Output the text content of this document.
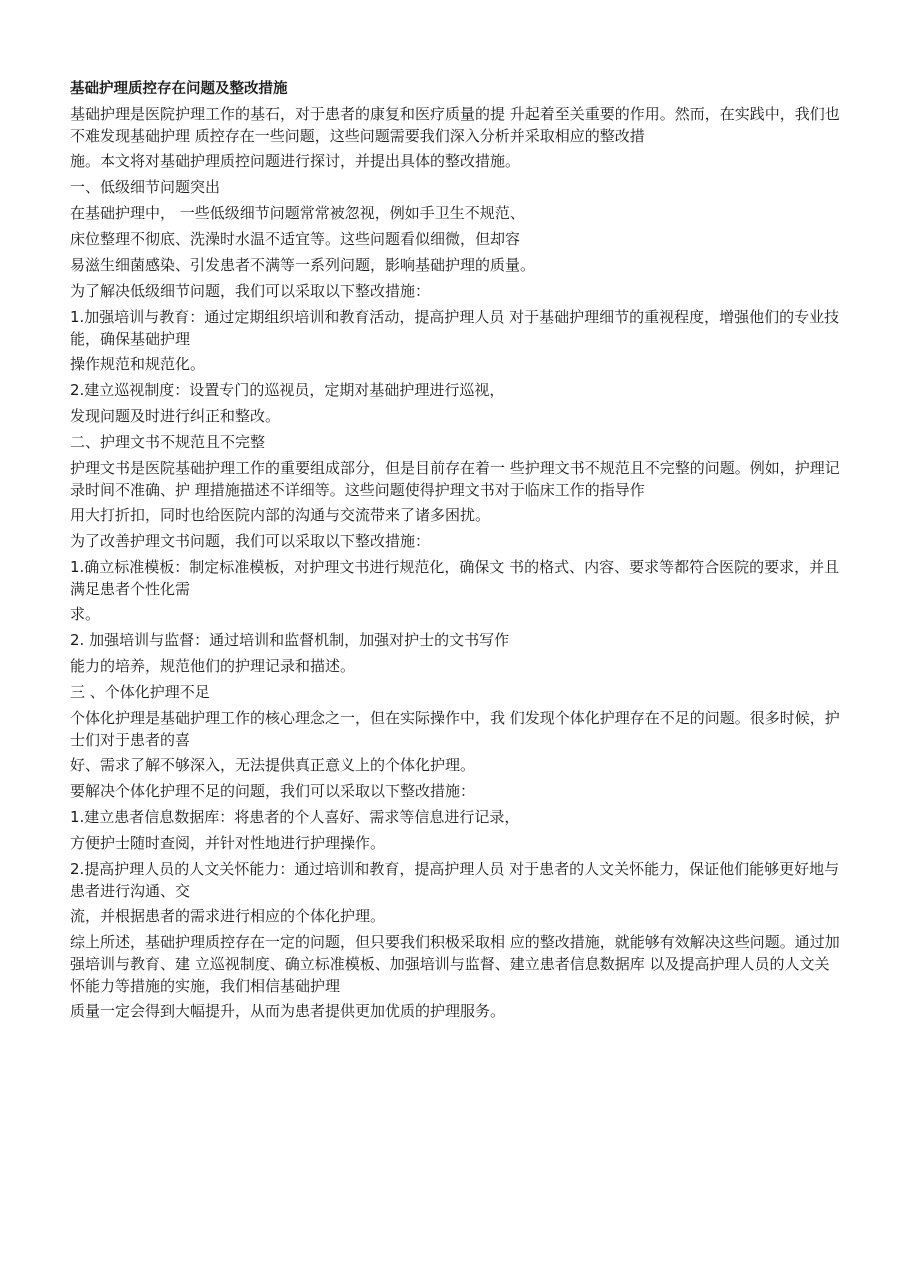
基础护理质控存在问题及整改措施
基础护理是医院护理工作的基石，对于患者的康复和医疗质量的提 升起着至关重要的作用。然而，在实践中，我们也不难发现基础护理 质控存在一些问题，这些问题需要我们深入分析并采取相应的整改措
施。本文将对基础护理质控问题进行探讨，并提出具体的整改措施。
一、低级细节问题突出
在基础护理中， 一些低级细节问题常常被忽视，例如手卫生不规范、
床位整理不彻底、洗澡时水温不适宜等。这些问题看似细微，但却容
易滋生细菌感染、引发患者不满等一系列问题，影响基础护理的质量。
为了解决低级细节问题，我们可以采取以下整改措施：
1.加强培训与教育：通过定期组织培训和教育活动，提高护理人员 对于基础护理细节的重视程度，增强他们的专业技能，确保基础护理
操作规范和规范化。
2.建立巡视制度：设置专门的巡视员，定期对基础护理进行巡视，
发现问题及时进行纠正和整改。
二、护理文书不规范且不完整
护理文书是医院基础护理工作的重要组成部分，但是目前存在着一 些护理文书不规范且不完整的问题。例如，护理记录时间不准确、护 理措施描述不详细等。这些问题使得护理文书对于临床工作的指导作
用大打折扣，同时也给医院内部的沟通与交流带来了诸多困扰。
为了改善护理文书问题，我们可以采取以下整改措施：
1.确立标准模板：制定标准模板，对护理文书进行规范化，确保文 书的格式、内容、要求等都符合医院的要求，并且满足患者个性化需
求。
2. 加强培训与监督：通过培训和监督机制，加强对护士的文书写作
能力的培养，规范他们的护理记录和描述。
三 、个体化护理不足
个体化护理是基础护理工作的核心理念之一，但在实际操作中，我 们发现个体化护理存在不足的问题。很多时候，护士们对于患者的喜
好、需求了解不够深入，无法提供真正意义上的个体化护理。
要解决个体化护理不足的问题，我们可以采取以下整改措施：
1.建立患者信息数据库：将患者的个人喜好、需求等信息进行记录，
方便护士随时查阅，并针对性地进行护理操作。
2.提高护理人员的人文关怀能力：通过培训和教育，提高护理人员 对于患者的人文关怀能力，保证他们能够更好地与患者进行沟通、交
流，并根据患者的需求进行相应的个体化护理。
综上所述，基础护理质控存在一定的问题，但只要我们积极采取相 应的整改措施，就能够有效解决这些问题。通过加强培训与教育、建 立巡视制度、确立标准模板、加强培训与监督、建立患者信息数据库 以及提高护理人员的人文关怀能力等措施的实施，我们相信基础护理
质量一定会得到大幅提升，从而为患者提供更加优质的护理服务。
